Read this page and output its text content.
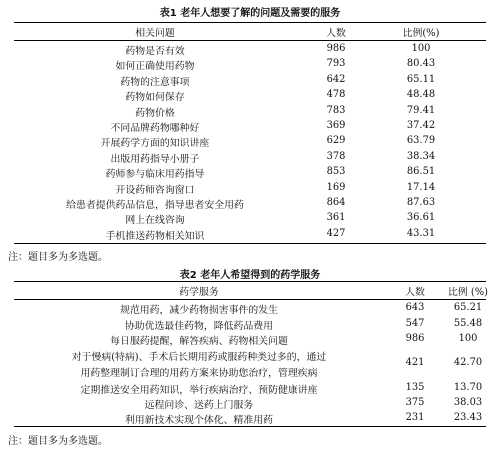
表1 老年人想要了解的问题及需要的服务
相关问题	人数	比例(%)
药物是否有效	986	100
如何正确使用药物	793	80.43
药物的注意事项	642	65.11
药物如何保存	478	48.48
药物价格	783	79.41
不同品牌药物哪种好	369	37.42
开展药学方面的知识讲座	629	63.79
出版用药指导小册子	378	38.34
药师参与临床用药指导	853	86.51
开设药师咨询窗口	169	17.14
给患者提供药品信息，指导患者安全用药	864	87.63
网上在线咨询	361	36.61
手机推送药物相关知识	427	43.31
注：题目多为多选题。
表2 老年人希望得到的药学服务
药学服务	人数	比例 (%)
规范用药，减少药物损害事件的发生	643	65.21
协助优选最佳药物，降低药品费用	547	55.48
每日服药提醒，解答疾病、药物相关问题	986	100
对于慢病(特病)、手术后长期用药或服药种类过多的，通过	421	42.70
用药整理制订合理的用药方案来协助您治疗，管理疾病
定期推送安全用药知识，举行疾病治疗、预防健康讲座	135	13.70
远程问诊、送药上门服务	375	38.03
利用新技术实现个体化、精准用药	231	23.43
注：题目多为多选题。
